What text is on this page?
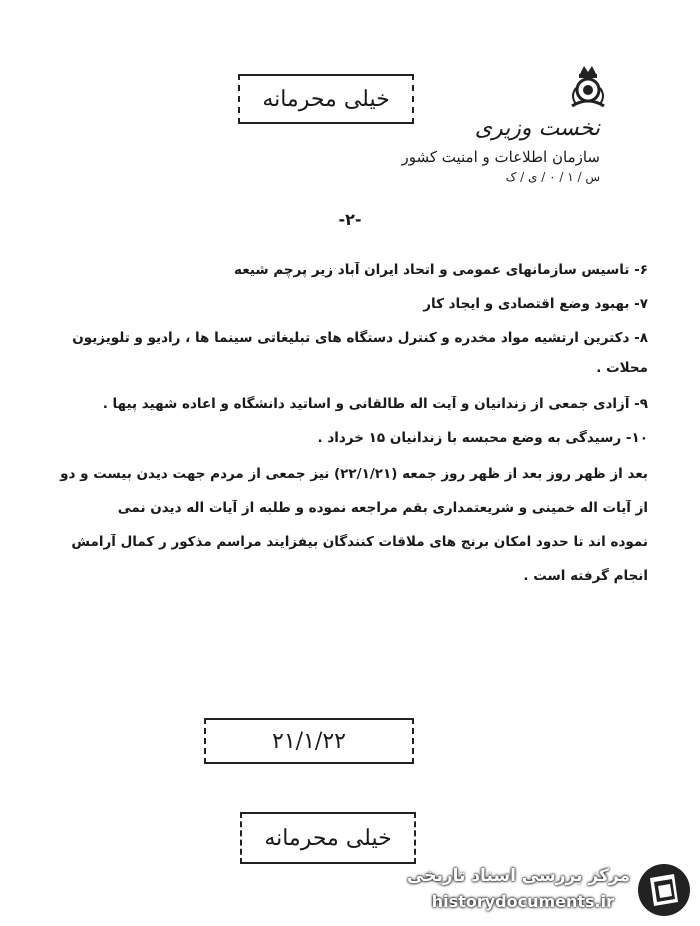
خیلی محرمانه
نخست وزیری
سازمان اطلاعات و امنیت کشور
س / ۱ / ۰ / ی / ک
-۲-
۶- تاسیس سازمانهای عمومی و اتحاد ایران آباد زیر پرچم شیعه
۷- بهبود وضع اقتصادی و ایجاد کار
۸- دکترین ارتشیه مواد مخدره و کنترل دستگاه های تبلیغاتی سینما ها ، رادیو و تلویزیون
محلات .
۹- آزادی جمعی از زندانیان و آیت اله طالقانی و اساتید دانشگاه و اعاده شهید پیها .
۱۰- رسیدگی به وضع محبسه با زندانیان ۱۵ خرداد .
بعد از ظهر روز بعد از ظهر روز جمعه (۲۲/۱/۲۱) نیز جمعی از مردم جهت دیدن بیست و دو
از آیات اله خمینی و شریعتمداری بقم مراجعه نموده و طلبه از آیات اله دیدن نمی
نموده اند تا حدود امکان برنج های ملاقات کنندگان بیفزایند مراسم مذکور ر کمال آرامش
انجام گرفته است .
۲۱/۱/۲۲
خیلی محرمانه
مرکز بررسی اسناد تاریخی
historydocuments.ir
